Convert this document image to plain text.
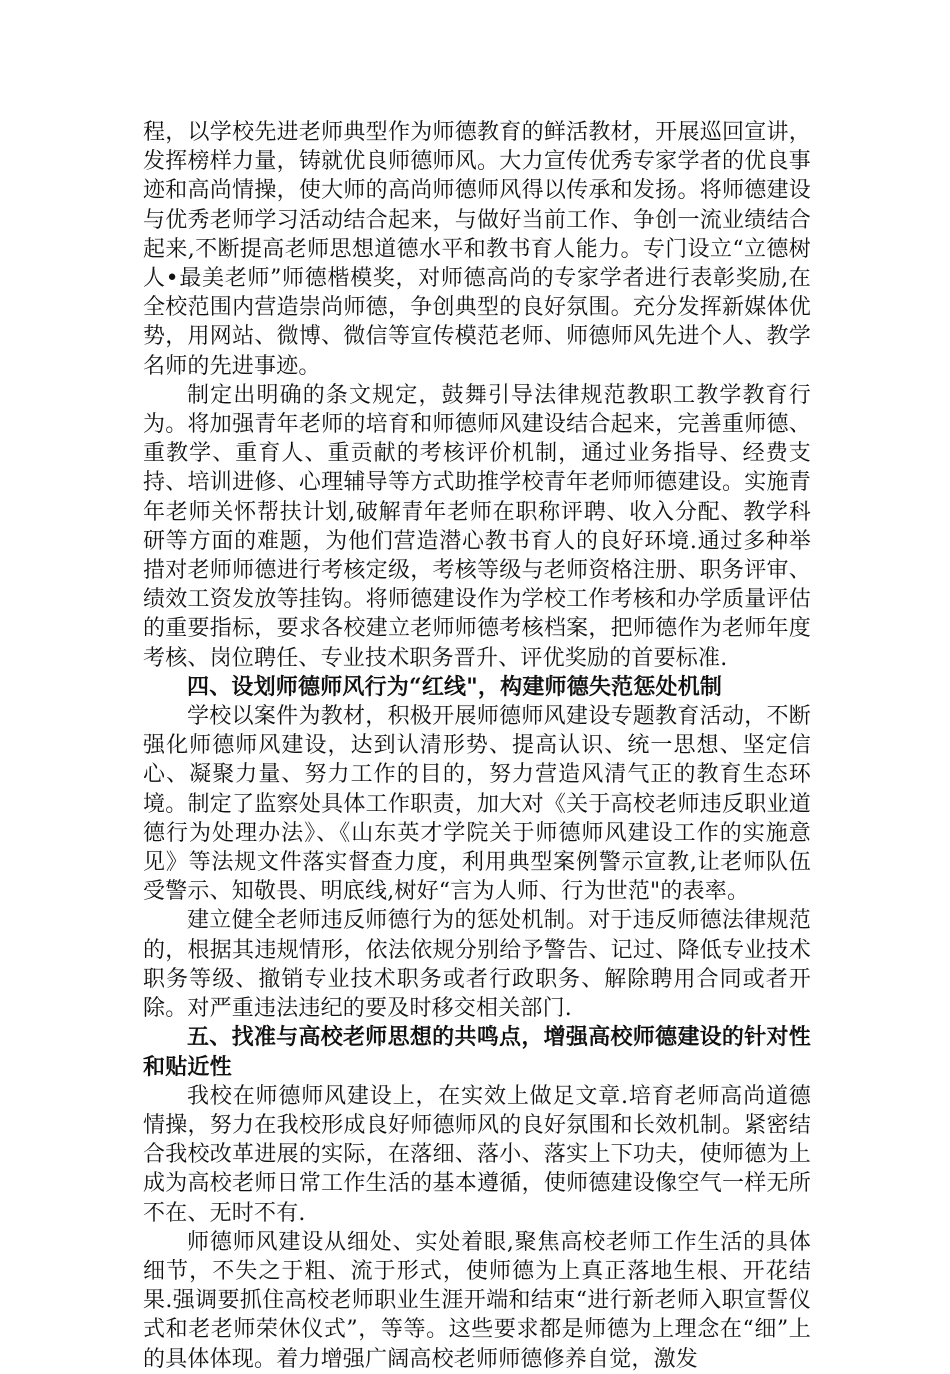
程，以学校先进老师典型作为师德教育的鲜活教材，开展巡回宣讲，发挥榜样力量，铸就优良师德师风。大力宣传优秀专家学者的优良事迹和高尚情操，使大师的高尚师德师风得以传承和发扬。将师德建设与优秀老师学习活动结合起来，与做好当前工作、争创一流业绩结合起来,不断提高老师思想道德水平和教书育人能力。专门设立“立德树人•最美老师”师德楷模奖，对师德高尚的专家学者进行表彰奖励,在全校范围内营造崇尚师德，争创典型的良好氛围。充分发挥新媒体优势，用网站、微博、微信等宣传模范老师、师德师风先进个人、教学名师的先进事迹。

制定出明确的条文规定，鼓舞引导法律规范教职工教学教育行为。将加强青年老师的培育和师德师风建设结合起来，完善重师德、重教学、重育人、重贡献的考核评价机制，通过业务指导、经费支持、培训进修、心理辅导等方式助推学校青年老师师德建设。实施青年老师关怀帮扶计划,破解青年老师在职称评聘、收入分配、教学科研等方面的难题，为他们营造潜心教书育人的良好环境.通过多种举措对老师师德进行考核定级，考核等级与老师资格注册、职务评审、绩效工资发放等挂钩。将师德建设作为学校工作考核和办学质量评估的重要指标，要求各校建立老师师德考核档案，把师德作为老师年度考核、岗位聘任、专业技术职务晋升、评优奖励的首要标准.

四、设划师德师风行为“红线"，构建师德失范惩处机制

学校以案件为教材，积极开展师德师风建设专题教育活动，不断强化师德师风建设，达到认清形势、提高认识、统一思想、坚定信心、凝聚力量、努力工作的目的，努力营造风清气正的教育生态环境。制定了监察处具体工作职责，加大对《关于高校老师违反职业道德行为处理办法》、《山东英才学院关于师德师风建设工作的实施意见》等法规文件落实督查力度，利用典型案例警示宣教,让老师队伍受警示、知敬畏、明底线,树好“言为人师、行为世范"的表率。

建立健全老师违反师德行为的惩处机制。对于违反师德法律规范的，根据其违规情形，依法依规分别给予警告、记过、降低专业技术职务等级、撤销专业技术职务或者行政职务、解除聘用合同或者开除。对严重违法违纪的要及时移交相关部门.

五、找准与高校老师思想的共鸣点，增强高校师德建设的针对性和贴近性

我校在师德师风建设上，在实效上做足文章.培育老师高尚道德情操，努力在我校形成良好师德师风的良好氛围和长效机制。紧密结合我校改革进展的实际，在落细、落小、落实上下功夫，使师德为上成为高校老师日常工作生活的基本遵循，使师德建设像空气一样无所不在、无时不有.

师德师风建设从细处、实处着眼,聚焦高校老师工作生活的具体细节，不失之于粗、流于形式，使师德为上真正落地生根、开花结果.强调要抓住高校老师职业生涯开端和结束“进行新老师入职宣誓仪式和老老师荣休仪式”，等等。这些要求都是师德为上理念在“细”上的具体体现。着力增强广阔高校老师师德修养自觉，激发
